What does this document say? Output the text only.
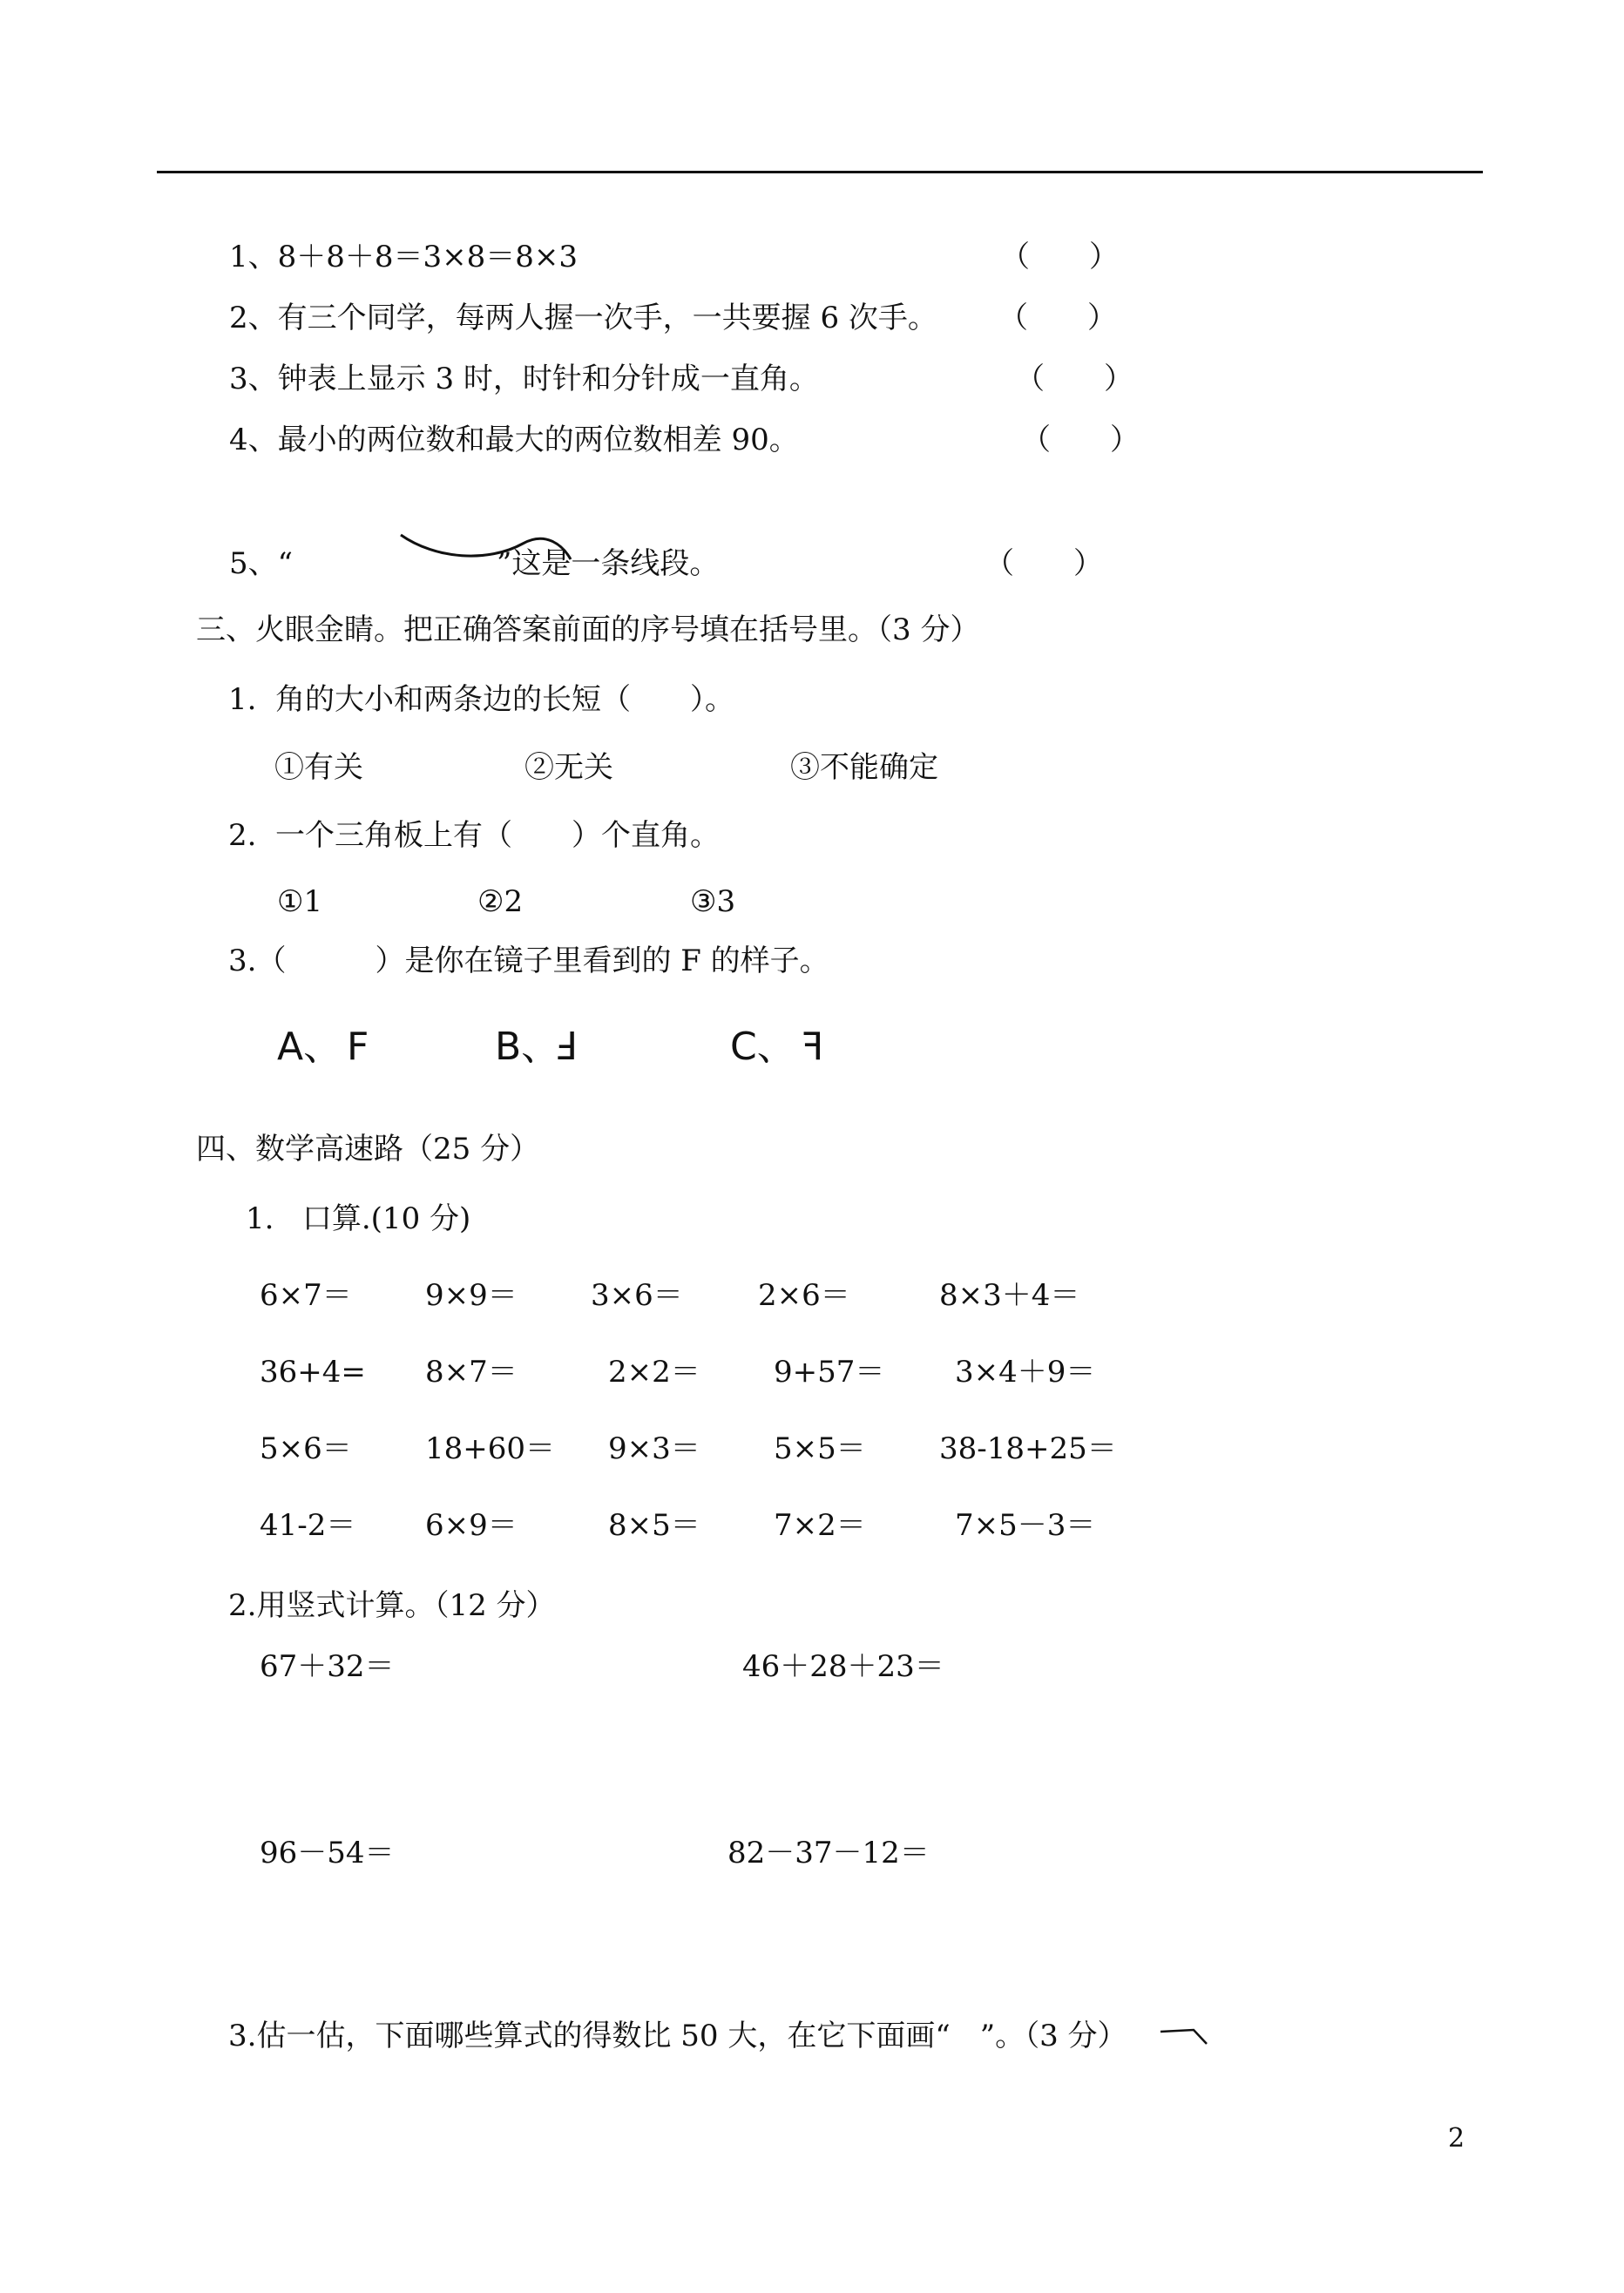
1、8＋8＋8＝3×8＝8×3	（　　）
2、有三个同学，每两人握一次手，一共要握 6 次手。 （　　）
3、钟表上显示 3 时，时针和分针成一直角。	（　　）
4、最小的两位数和最大的两位数相差 90。	（　　）
5、“	”这是一条线段。	（　　）
三、火眼金睛。把正确答案前面的序号填在括号里。（3 分）
1.  角的大小和两条边的长短（　　）。
①有关	②无关	③不能确定
2.  一个三角板上有（　　）个直角。
①1	②2	③3
3.（　　　）是你在镜子里看到的 F 的样子。
A、 F	B、
Ⅎ	C、 ꟻ
四、数学高速路（25 分）
1.   口算.(10 分)
6×7＝ 9×9＝ 3×6＝	2×6＝	8×3＋4＝
36+4= 8×7＝	2×2＝ 9+57＝ 3×4＋9＝
5×6＝ 18+60＝ 9×3＝ 5×5＝ 38-18+25＝
41-2＝ 6×9＝	8×5＝ 7×2＝	7×5－3＝
2.用竖式计算。（12 分）
67＋32＝	46＋28＋23＝
96－54＝	82－37－12＝
3.估一估，下面哪些算式的得数比 50 大，在它下面画“　”。（3 分）
2
